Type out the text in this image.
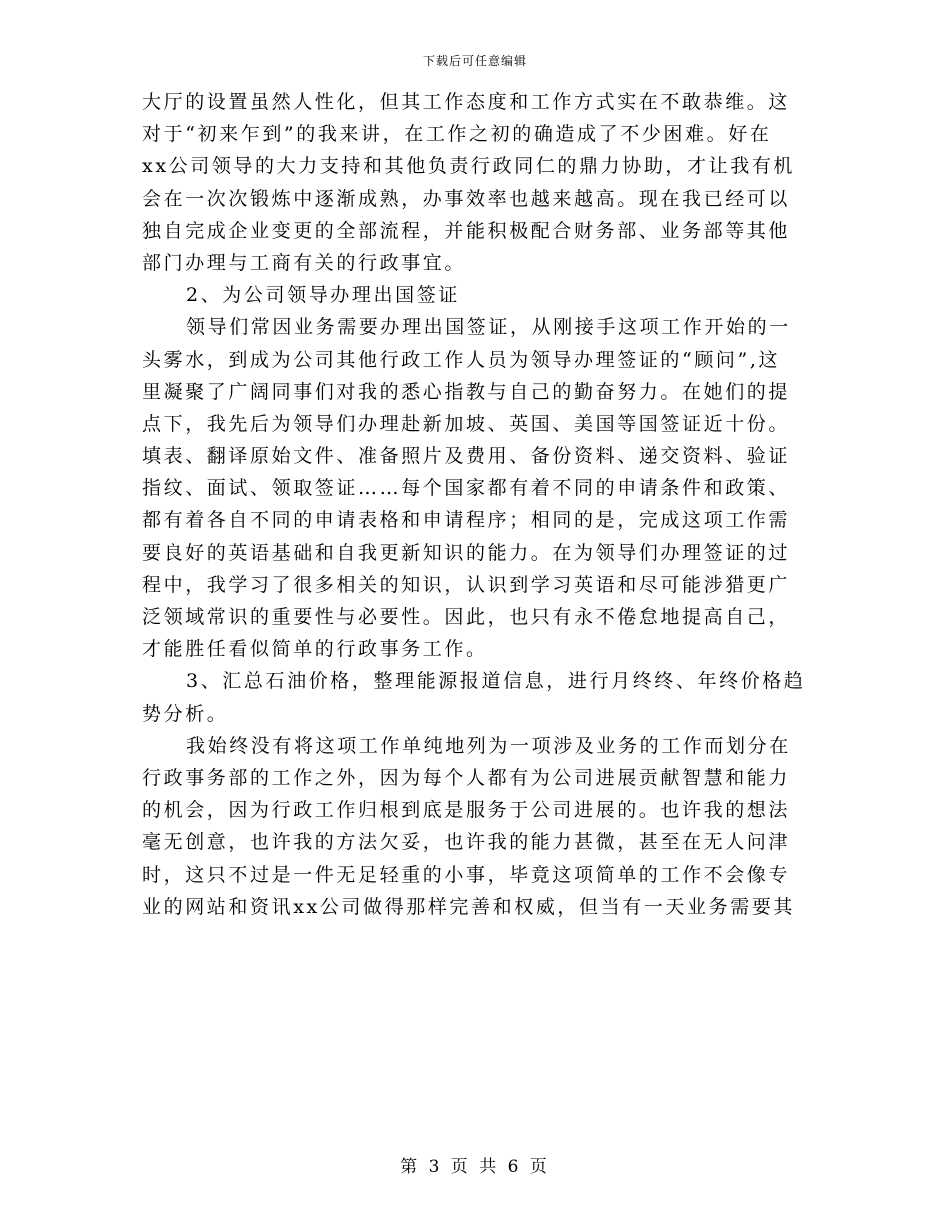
下载后可任意编辑
大厅的设置虽然人性化，但其工作态度和工作方式实在不敢恭维。这
对于“初来乍到”的我来讲，在工作之初的确造成了不少困难。好在
xx公司领导的大力支持和其他负责行政同仁的鼎力协助，才让我有机
会在一次次锻炼中逐渐成熟，办事效率也越来越高。现在我已经可以
独自完成企业变更的全部流程，并能积极配合财务部、业务部等其他
部门办理与工商有关的行政事宜。
2、为公司领导办理出国签证
领导们常因业务需要办理出国签证，从刚接手这项工作开始的一
头雾水，到成为公司其他行政工作人员为领导办理签证的“顾问”,这
里凝聚了广阔同事们对我的悉心指教与自己的勤奋努力。在她们的提
点下，我先后为领导们办理赴新加坡、英国、美国等国签证近十份。
填表、翻译原始文件、准备照片及费用、备份资料、递交资料、验证
指纹、面试、领取签证……每个国家都有着不同的申请条件和政策、
都有着各自不同的申请表格和申请程序；相同的是，完成这项工作需
要良好的英语基础和自我更新知识的能力。在为领导们办理签证的过
程中，我学习了很多相关的知识，认识到学习英语和尽可能涉猎更广
泛领域常识的重要性与必要性。因此，也只有永不倦怠地提高自己，
才能胜任看似简单的行政事务工作。
3、汇总石油价格，整理能源报道信息，进行月终终、年终价格趋
势分析。
我始终没有将这项工作单纯地列为一项涉及业务的工作而划分在
行政事务部的工作之外，因为每个人都有为公司进展贡献智慧和能力
的机会，因为行政工作归根到底是服务于公司进展的。也许我的想法
毫无创意，也许我的方法欠妥，也许我的能力甚微，甚至在无人问津
时，这只不过是一件无足轻重的小事，毕竟这项简单的工作不会像专
业的网站和资讯xx公司做得那样完善和权威，但当有一天业务需要其
第 3 页 共 6 页
